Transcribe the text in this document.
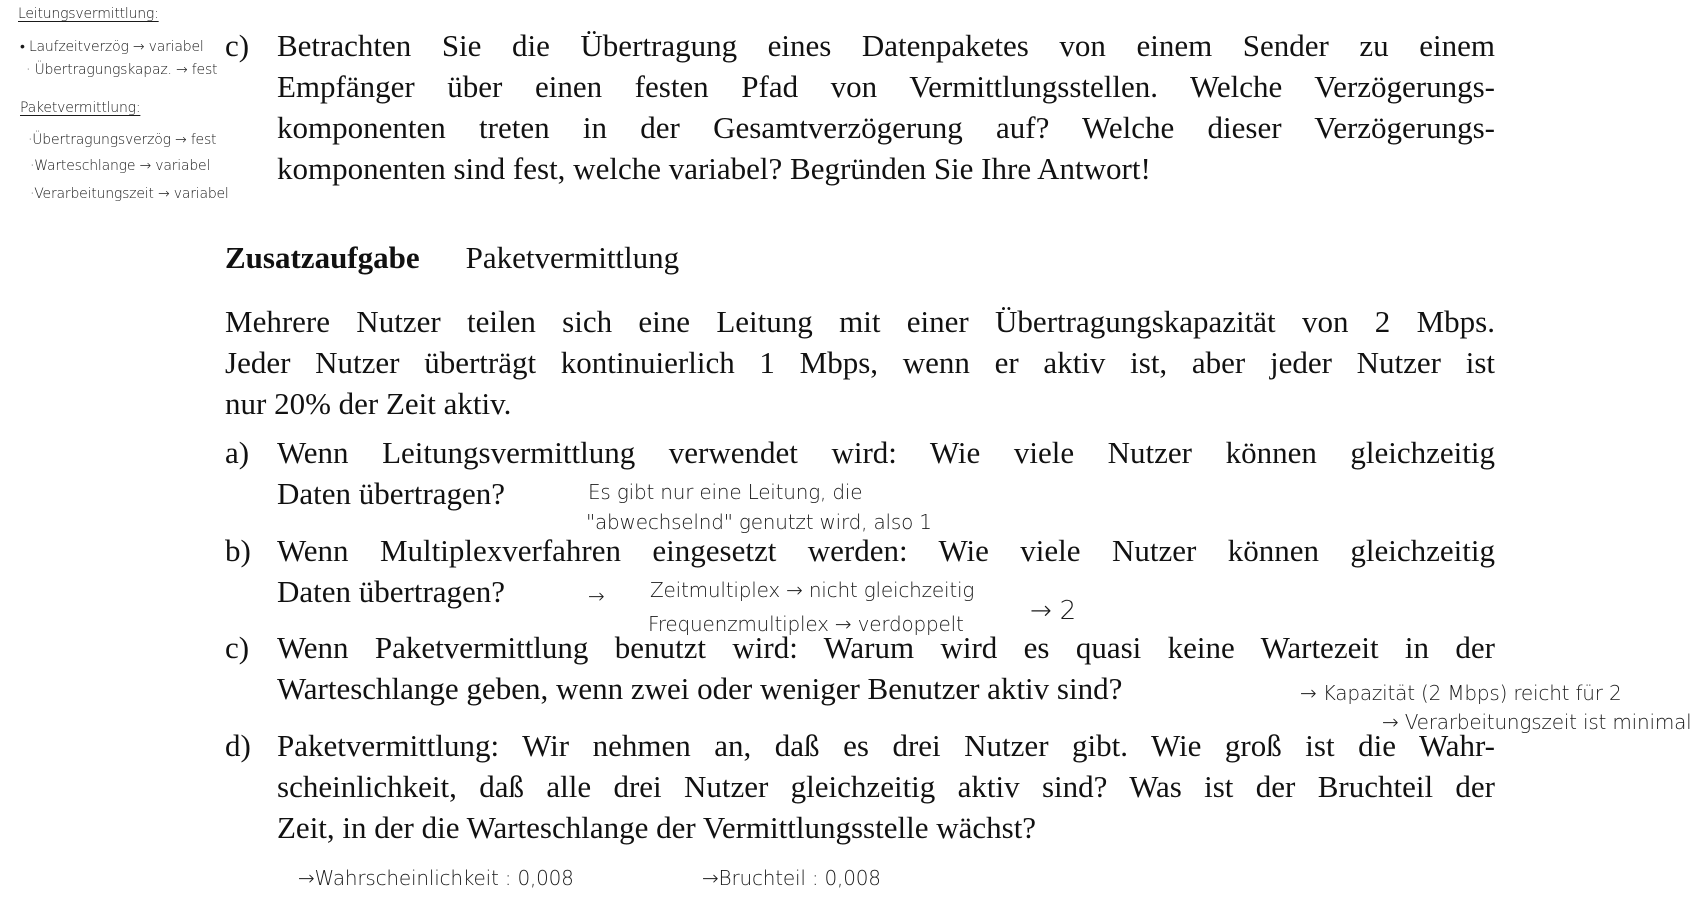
Leitungsvermittlung:
• Laufzeitverzög → variabel
· Übertragungskapaz. → fest
Paketvermittlung:
·Übertragungsverzög → fest
·Warteschlange → variabel
·Verarbeitungszeit → variabel
c) Betrachten Sie die Übertragung eines Datenpaketes von einem Sender zu einem
Empfänger über einen festen Pfad von Vermittlungsstellen. Welche Verzögerungs-
komponenten treten in der Gesamtverzögerung auf? Welche dieser Verzögerungs-
komponenten sind fest, welche variabel? Begründen Sie Ihre Antwort!
Zusatzaufgabe Paketvermittlung
Mehrere Nutzer teilen sich eine Leitung mit einer Übertragungskapazität von 2 Mbps.
Jeder Nutzer überträgt kontinuierlich 1 Mbps, wenn er aktiv ist, aber jeder Nutzer ist
nur 20% der Zeit aktiv.
a) Wenn Leitungsvermittlung verwendet wird: Wie viele Nutzer können gleichzeitig
Daten übertragen?
b) Wenn Multiplexverfahren eingesetzt werden: Wie viele Nutzer können gleichzeitig
Daten übertragen?
c) Wenn Paketvermittlung benutzt wird: Warum wird es quasi keine Wartezeit in der
Warteschlange geben, wenn zwei oder weniger Benutzer aktiv sind?
d) Paketvermittlung: Wir nehmen an, daß es drei Nutzer gibt. Wie groß ist die Wahr-
scheinlichkeit, daß alle drei Nutzer gleichzeitig aktiv sind? Was ist der Bruchteil der
Zeit, in der die Warteschlange der Vermittlungsstelle wächst?
Es gibt nur eine Leitung, die
"abwechselnd" genutzt wird, also 1
→ Zeitmultiplex → nicht gleichzeitig
Frequenzmultiplex → verdoppelt	→ 2
→ Kapazität (2 Mbps) reicht für 2
→ Verarbeitungszeit ist minimal
→Wahrscheinlichkeit : 0,008	→Bruchteil : 0,008
